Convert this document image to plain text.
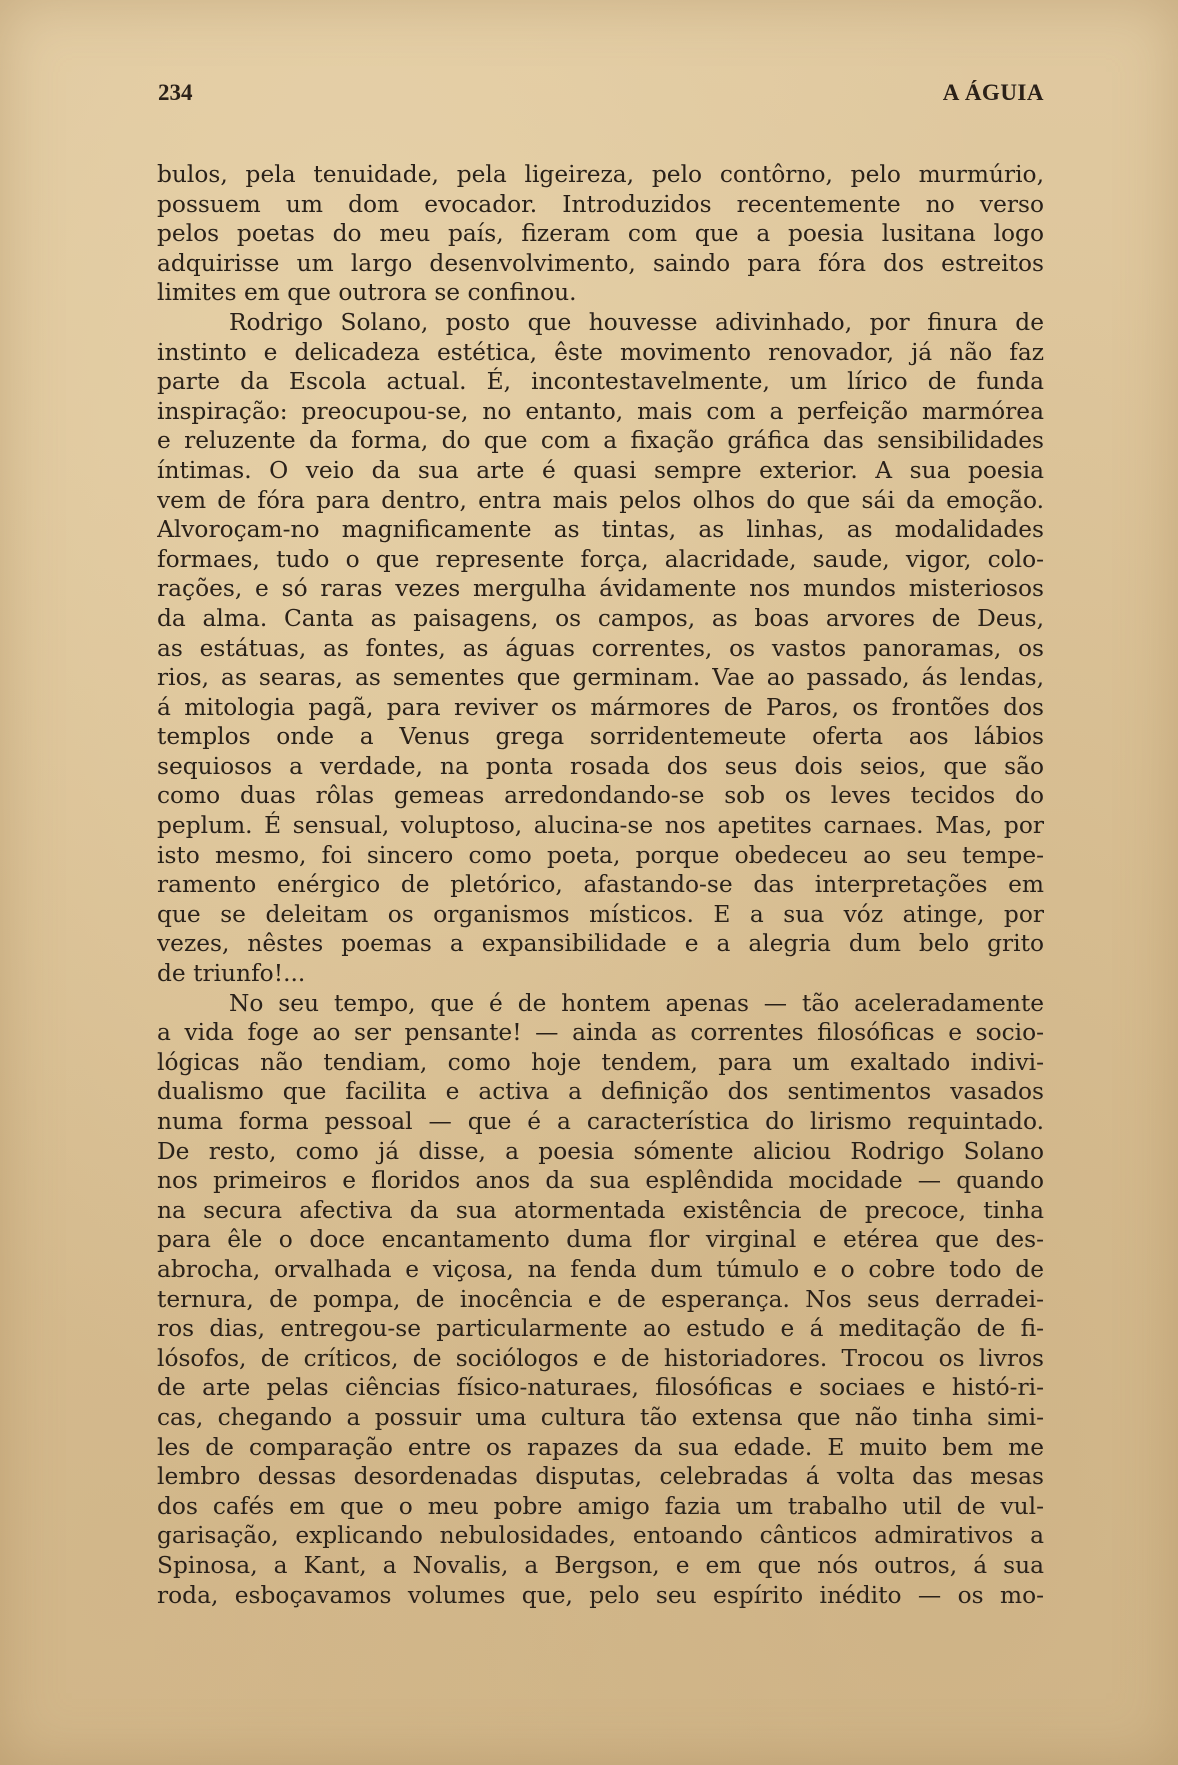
234	A ÁGUIA
bulos, pela tenuidade, pela ligeireza, pelo contôrno, pelo murmúrio,
possuem um dom evocador. Introduzidos recentemente no verso
pelos poetas do meu país, fizeram com que a poesia lusitana logo
adquirisse um largo desenvolvimento, saindo para fóra dos estreitos
limites em que outrora se confinou.
Rodrigo Solano, posto que houvesse adivinhado, por finura de
instinto e delicadeza estética, êste movimento renovador, já não faz
parte da Escola actual. É, incontestavelmente, um lírico de funda
inspiração: preocupou-se, no entanto, mais com a perfeição marmórea
e reluzente da forma, do que com a fixação gráfica das sensibilidades
íntimas. O veio da sua arte é quasi sempre exterior. A sua poesia
vem de fóra para dentro, entra mais pelos olhos do que sái da emoção.
Alvoroçam-no magnificamente as tintas, as linhas, as modalidades
formaes, tudo o que represente força, alacridade, saude, vigor, colo-
rações, e só raras vezes mergulha ávidamente nos mundos misteriosos
da alma. Canta as paisagens, os campos, as boas arvores de Deus,
as estátuas, as fontes, as águas correntes, os vastos panoramas, os
rios, as searas, as sementes que germinam. Vae ao passado, ás lendas,
á mitologia pagã, para reviver os mármores de Paros, os frontões dos
templos onde a Venus grega sorridentemeute oferta aos lábios
sequiosos a verdade, na ponta rosada dos seus dois seios, que são
como duas rôlas gemeas arredondando-se sob os leves tecidos do
peplum. É sensual, voluptoso, alucina-se nos apetites carnaes. Mas, por
isto mesmo, foi sincero como poeta, porque obedeceu ao seu tempe-
ramento enérgico de pletórico, afastando-se das interpretações em
que se deleitam os organismos místicos. E a sua vóz atinge, por
vezes, nêstes poemas a expansibilidade e a alegria dum belo grito
de triunfo!...
No seu tempo, que é de hontem apenas — tão aceleradamente
a vida foge ao ser pensante! — ainda as correntes filosóficas e socio-
lógicas não tendiam, como hoje tendem, para um exaltado indivi-
dualismo que facilita e activa a definição dos sentimentos vasados
numa forma pessoal — que é a característica do lirismo requintado.
De resto, como já disse, a poesia sómente aliciou Rodrigo Solano
nos primeiros e floridos anos da sua esplêndida mocidade — quando
na secura afectiva da sua atormentada existência de precoce, tinha
para êle o doce encantamento duma flor virginal e etérea que des-
abrocha, orvalhada e viçosa, na fenda dum túmulo e o cobre todo de
ternura, de pompa, de inocência e de esperança. Nos seus derradei-
ros dias, entregou-se particularmente ao estudo e á meditação de fi-
lósofos, de críticos, de sociólogos e de historiadores. Trocou os livros
de arte pelas ciências físico-naturaes, filosóficas e sociaes e histó-ri-
cas, chegando a possuir uma cultura tão extensa que não tinha simi-
les de comparação entre os rapazes da sua edade. E muito bem me
lembro dessas desordenadas disputas, celebradas á volta das mesas
dos cafés em que o meu pobre amigo fazia um trabalho util de vul-
garisação, explicando nebulosidades, entoando cânticos admirativos a
Spinosa, a Kant, a Novalis, a Bergson, e em que nós outros, á sua
roda, esboçavamos volumes que, pelo seu espírito inédito — os mo-
